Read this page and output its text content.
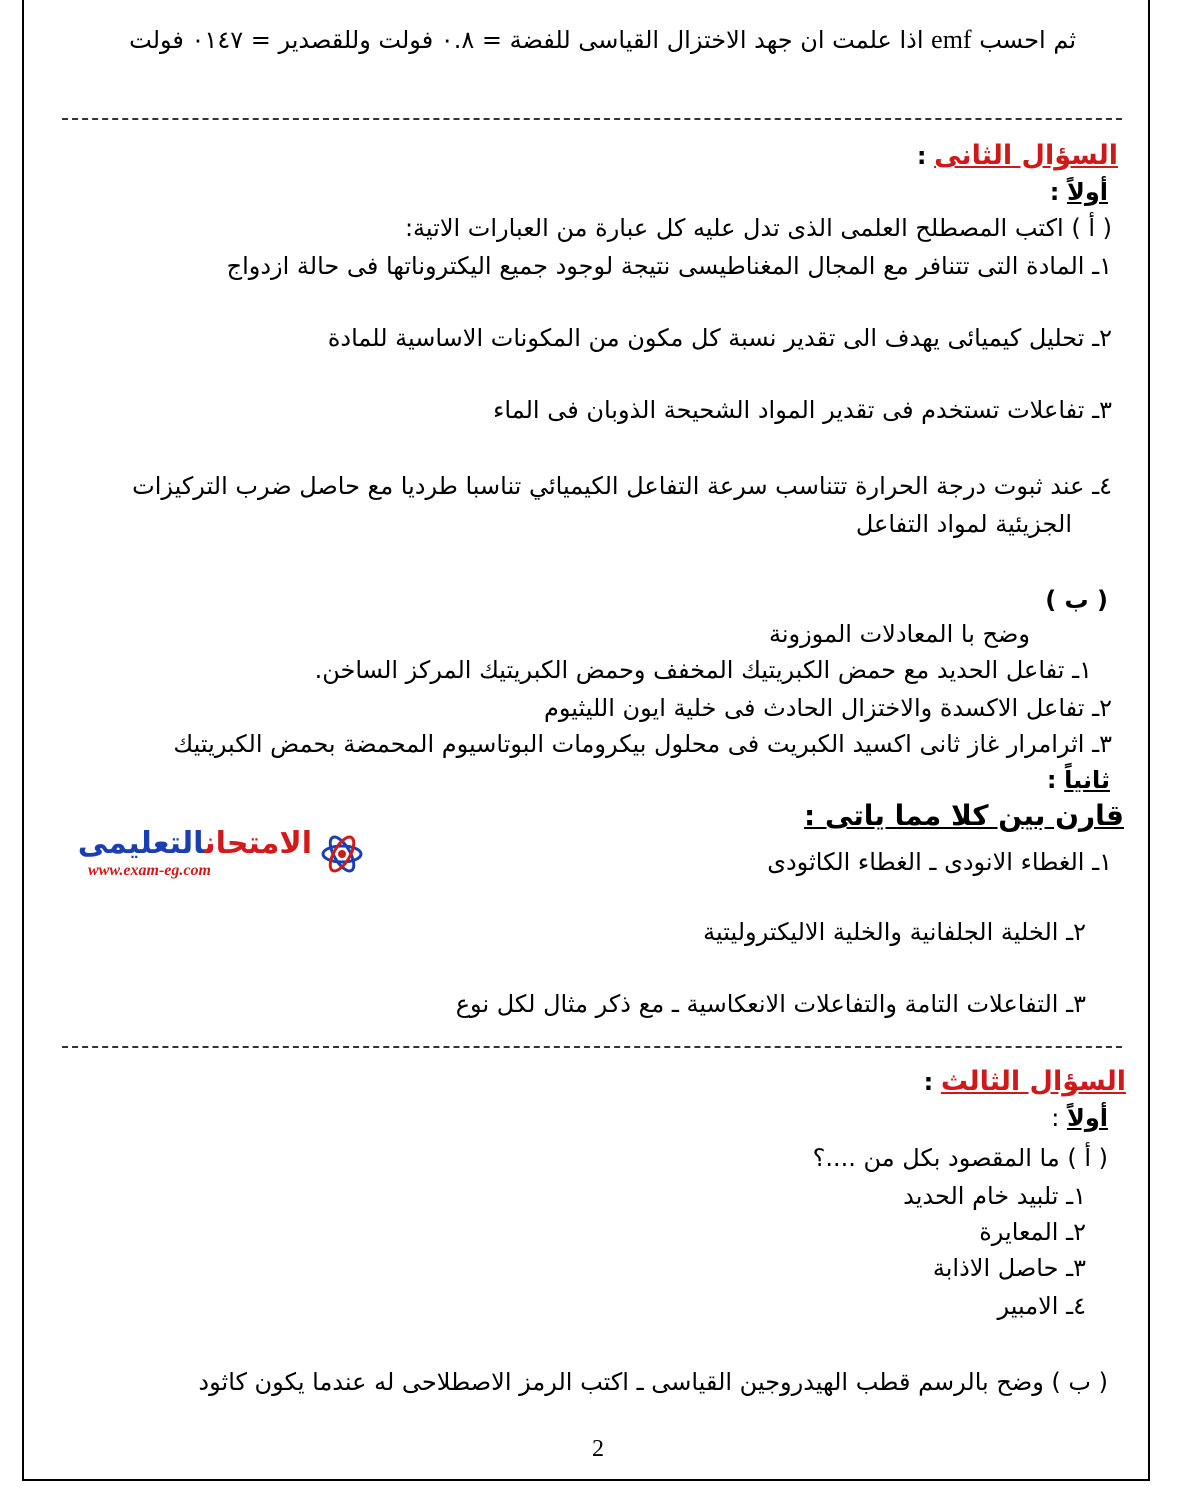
ثم احسب emf اذا علمت ان جهد الاختزال القياسى للفضة = ٠.٨ فولت وللقصدير = ٠١٤٧ فولت
السؤال الثانى :
أولاً :
( أ ) اكتب المصطلح العلمى الذى تدل عليه كل عبارة من العبارات الاتية:
١ـ المادة التى تتنافر مع المجال المغناطيسى نتيجة لوجود جميع اليكتروناتها فى حالة ازدواج
٢ـ تحليل كيميائى يهدف الى تقدير نسبة كل مكون من المكونات الاساسية للمادة
٣ـ تفاعلات تستخدم فى تقدير المواد الشحيحة الذوبان فى الماء
٤ـ عند ثبوت درجة الحرارة تتناسب سرعة التفاعل الكيميائي تناسبا طرديا مع حاصل ضرب التركيزات
الجزيئية لمواد التفاعل
( ب )
وضح با المعادلات الموزونة
١ـ تفاعل الحديد مع حمض الكبريتيك المخفف وحمض الكبريتيك المركز الساخن.
٢ـ تفاعل الاكسدة والاختزال الحادث فى خلية ايون الليثيوم
٣ـ اثرامرار غاز ثانى اكسيد الكبريت فى محلول بيكرومات البوتاسيوم المحمضة بحمض الكبريتيك
ثانياً :
قارن بين كلا مما ياتى :
١ـ الغطاء الانودى ـ الغطاء الكاثودى
٢ـ الخلية الجلفانية والخلية الاليكتروليتية
٣ـ التفاعلات التامة والتفاعلات الانعكاسية ـ مع ذكر مثال لكل نوع
الامتحانالتعليمى
www.exam-eg.com
السؤال الثالث :
أولاً :
( أ ) ما المقصود بكل من ....؟
١ـ تلبيد خام الحديد
٢ـ المعايرة
٣ـ حاصل الاذابة
٤ـ الامبير
( ب ) وضح بالرسم قطب الهيدروجين القياسى ـ اكتب الرمز الاصطلاحى له عندما يكون كاثود
2
